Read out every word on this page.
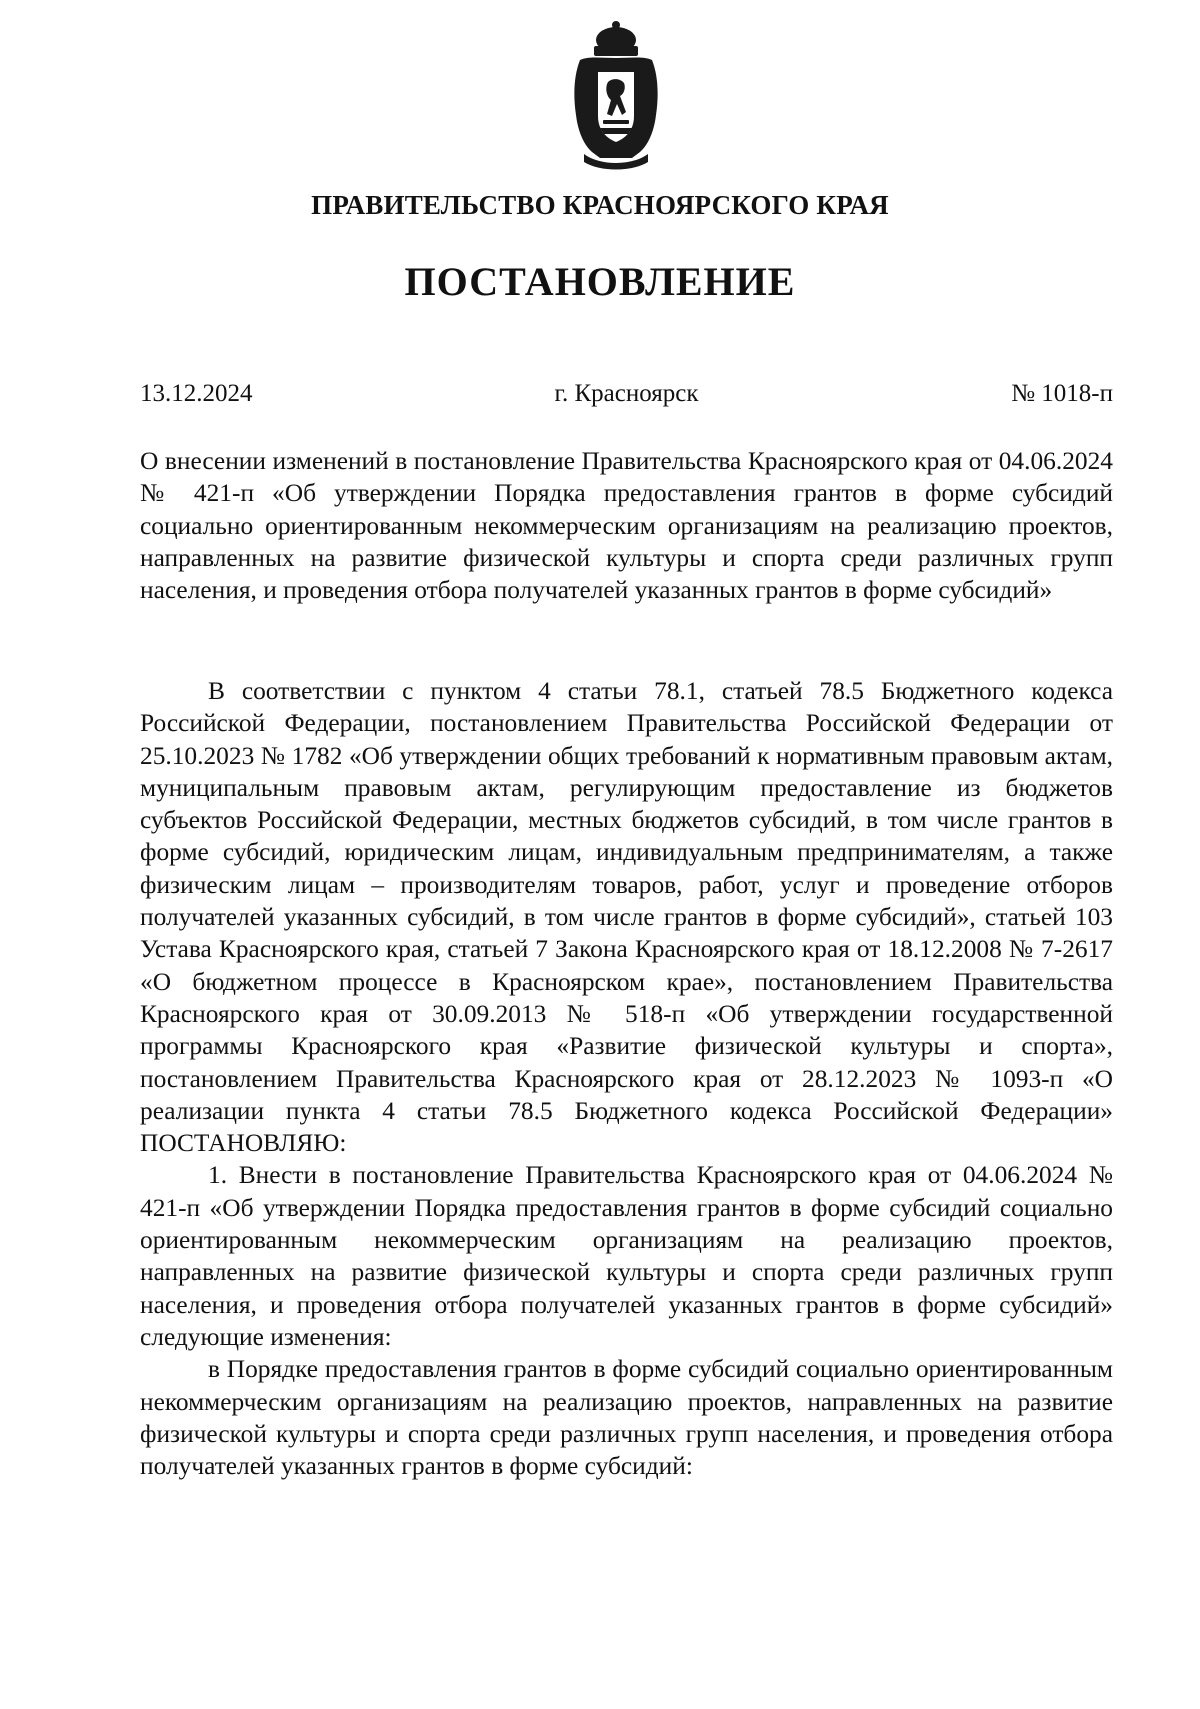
ПРАВИТЕЛЬСТВО КРАСНОЯРСКОГО КРАЯ
ПОСТАНОВЛЕНИЕ
13.12.2024	г. Красноярск	№ 1018-п
О внесении изменений в постановление Правительства Красноярского края от 04.06.2024 № 421-п «Об утверждении Порядка предоставления грантов в форме субсидий социально ориентированным некоммерческим организациям на реализацию проектов, направленных на развитие физической культуры и спорта среди различных групп населения, и проведения отбора получателей указанных грантов в форме субсидий»

В соответствии с пунктом 4 статьи 78.1, статьей 78.5 Бюджетного кодекса Российской Федерации, постановлением Правительства Российской Федерации от 25.10.2023 № 1782 «Об утверждении общих требований к нормативным правовым актам, муниципальным правовым актам, регулирующим предоставление из бюджетов субъектов Российской Федерации, местных бюджетов субсидий, в том числе грантов в форме субсидий, юридическим лицам, индивидуальным предпринимателям, а также физическим лицам – производителям товаров, работ, услуг и проведение отборов получателей указанных субсидий, в том числе грантов в форме субсидий», статьей 103 Устава Красноярского края, статьей 7 Закона Красноярского края от 18.12.2008 № 7-2617 «О бюджетном процессе в Красноярском крае», постановлением Правительства Красноярского края от 30.09.2013 № 518-п «Об утверждении государственной программы Красноярского края «Развитие физической культуры и спорта», постановлением Правительства Красноярского края от 28.12.2023 № 1093-п «О реализации пункта 4 статьи 78.5 Бюджетного кодекса Российской Федерации» ПОСТАНОВЛЯЮ:

1. Внести в постановление Правительства Красноярского края от 04.06.2024 № 421-п «Об утверждении Порядка предоставления грантов в форме субсидий социально ориентированным некоммерческим организациям на реализацию проектов, направленных на развитие физической культуры и спорта среди различных групп населения, и проведения отбора получателей указанных грантов в форме субсидий» следующие изменения:

в Порядке предоставления грантов в форме субсидий социально ориентированным некоммерческим организациям на реализацию проектов, направленных на развитие физической культуры и спорта среди различных групп населения, и проведения отбора получателей указанных грантов в форме субсидий:
